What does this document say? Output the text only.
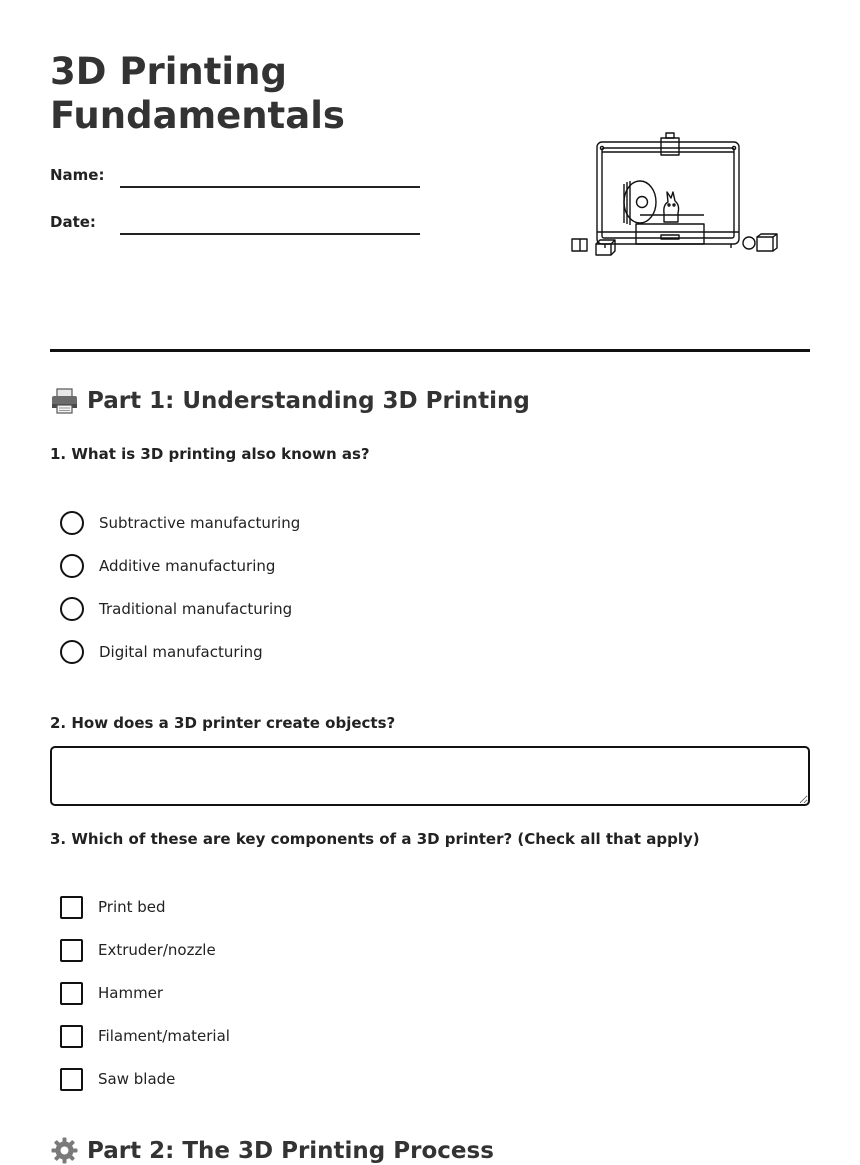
3D Printing
Fundamentals
Name:
Date:
Part 1: Understanding 3D Printing

1. What is 3D printing also known as?

Subtractive manufacturing
Additive manufacturing
Traditional manufacturing
Digital manufacturing

2. How does a 3D printer create objects?

3. Which of these are key components of a 3D printer? (Check all that apply)

Print bed
Extruder/nozzle
Hammer
Filament/material
Saw blade
Part 2: The 3D Printing Process
